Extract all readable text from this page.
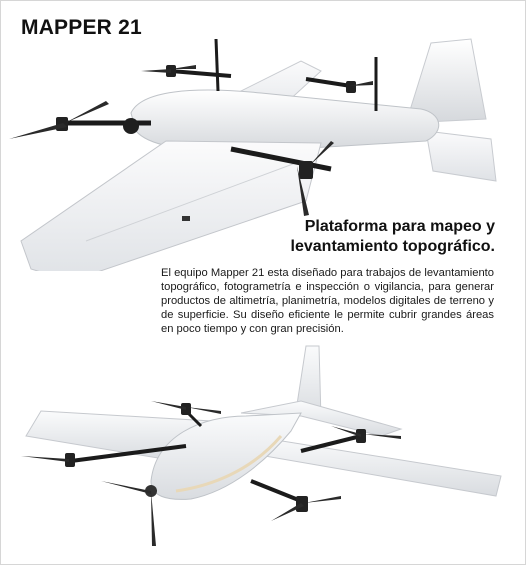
MAPPER 21
Plataforma para mapeo y levantamiento topográfico.
El equipo Mapper 21 esta diseñado para trabajos de levantamiento topográfico, fotogrametría e inspección o vigilancia, para generar productos de altimetría, planimetría, modelos digitales de terreno y de superficie. Su diseño eficiente le permite cubrir grandes áreas en poco tiempo y con gran precisión.
